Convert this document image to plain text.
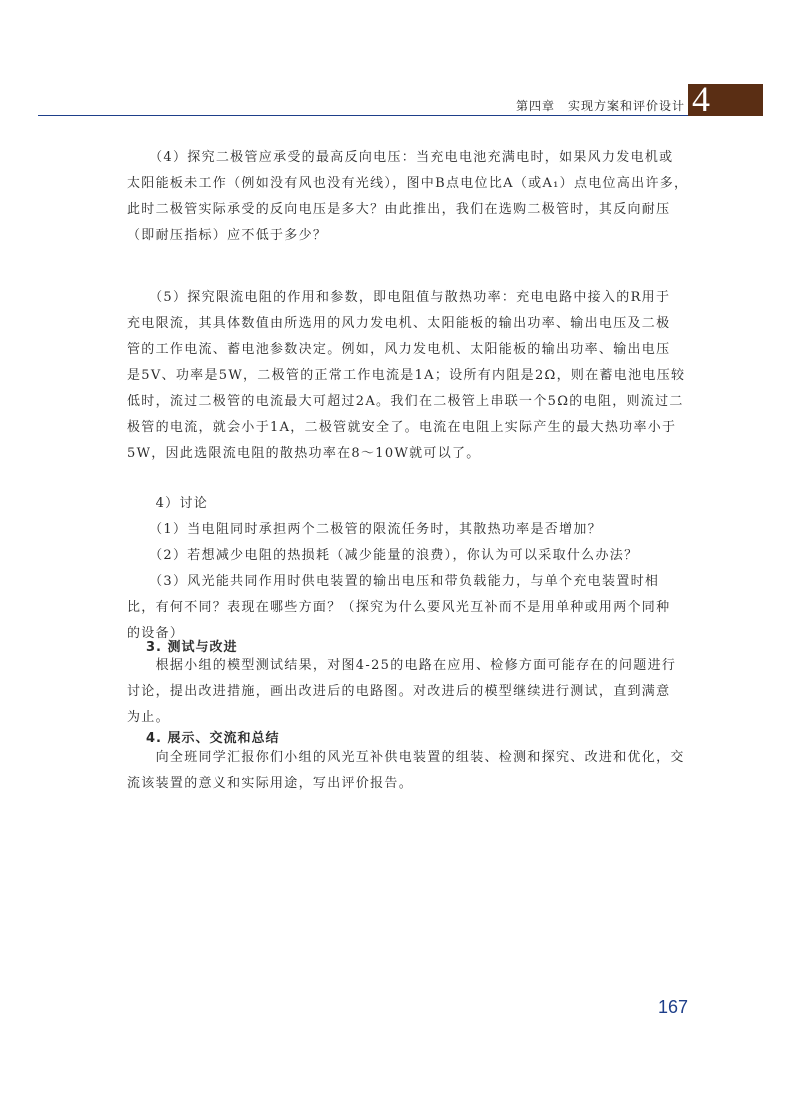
第四章　实现方案和评价设计 4
　　（4）探究二极管应承受的最高反向电压：当充电电池充满电时，如果风力发电机或
太阳能板未工作（例如没有风也没有光线），图中B点电位比A（或A₁）点电位高出许多，
此时二极管实际承受的反向电压是多大？由此推出，我们在选购二极管时，其反向耐压
（即耐压指标）应不低于多少？
　　（5）探究限流电阻的作用和参数，即电阻值与散热功率：充电电路中接入的R用于
充电限流，其具体数值由所选用的风力发电机、太阳能板的输出功率、输出电压及二极
管的工作电流、蓄电池参数决定。例如，风力发电机、太阳能板的输出功率、输出电压
是5V、功率是5W，二极管的正常工作电流是1A；设所有内阻是2Ω，则在蓄电池电压较
低时，流过二极管的电流最大可超过2A。我们在二极管上串联一个5Ω的电阻，则流过二
极管的电流，就会小于1A，二极管就安全了。电流在电阻上实际产生的最大热功率小于
5W，因此选限流电阻的散热功率在8～10W就可以了。
　　4）讨论
　　（1）当电阻同时承担两个二极管的限流任务时，其散热功率是否增加？
　　（2）若想减少电阻的热损耗（减少能量的浪费），你认为可以采取什么办法？
　　（3）风光能共同作用时供电装置的输出电压和带负载能力，与单个充电装置时相
比，有何不同？表现在哪些方面？（探究为什么要风光互补而不是用单种或用两个同种
的设备）
3. 测试与改进
　　根据小组的模型测试结果，对图4-25的电路在应用、检修方面可能存在的问题进行
讨论，提出改进措施，画出改进后的电路图。对改进后的模型继续进行测试，直到满意
为止。
4. 展示、交流和总结
　　向全班同学汇报你们小组的风光互补供电装置的组装、检测和探究、改进和优化，交
流该装置的意义和实际用途，写出评价报告。
167
